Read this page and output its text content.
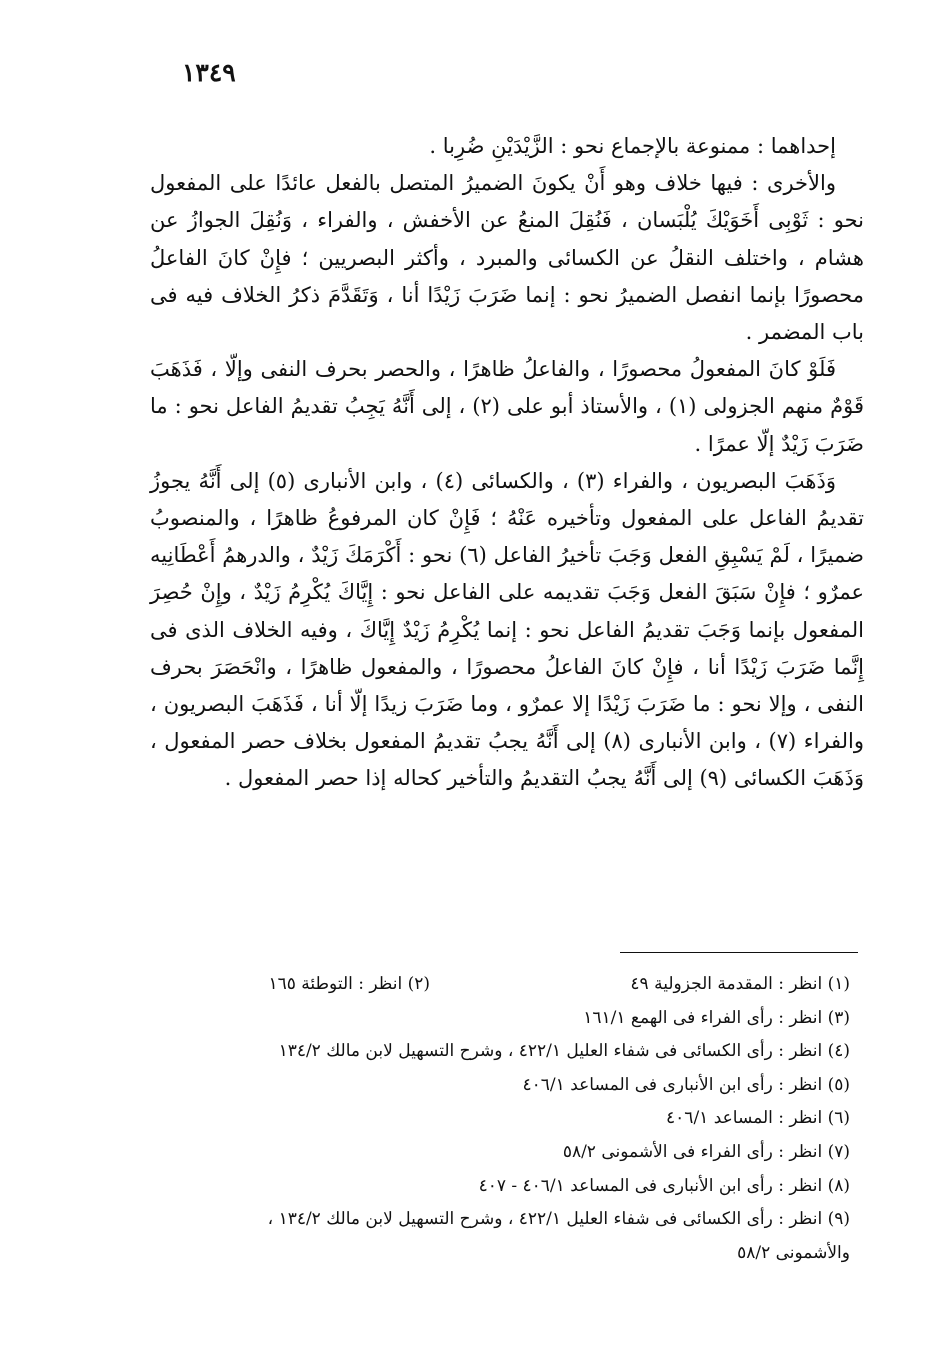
١٣٤٩

إحداهما : ممنوعة بالإجماع نحو : الزَّيْدَيْنِ ضُرِبا .

والأخرى : فيها خلاف وهو أَنْ يكونَ الضميرُ المتصل بالفعل عائدًا على المفعول نحو : ثَوْبِى أَخَوَيْكَ يُلْبَسان ، فَنُقِلَ المنعُ عن الأخفش ، والفراء ، وَنُقِلَ الجوازُ عن هشام ، واختلف النقلُ عن الكسائى والمبرد ، وأكثر البصريين ؛ فإِنْ كانَ الفاعلُ محصورًا بإنما انفصل الضميرُ نحو : إنما ضَرَبَ زَيْدًا أنا ، وَتَقَدَّمَ ذكرُ الخلاف فيه فى باب المضمر .

فَلَوْ كانَ المفعولُ محصورًا ، والفاعلُ ظاهرًا ، والحصر بحرف النفى وإلّا ، فَذَهَبَ قَوْمٌ منهم الجزولى (١) ، والأستاذ أبو على (٢) ، إلى أَنَّهُ يَجِبُ تقديمُ الفاعل نحو : ما ضَرَبَ زَيْدٌ إلّا عمرًا .

وَذَهَبَ البصريون ، والفراء (٣) ، والكسائى (٤) ، وابن الأنبارى (٥) إلى أَنَّهُ يجوزُ تقديمُ الفاعل على المفعول وتأخيره عَنْهُ ؛ فَإِنْ كان المرفوعُ ظاهرًا ، والمنصوبُ ضميرًا ، لَمْ يَسْبِقِ الفعل وَجَبَ تأخيرُ الفاعل (٦) نحو : أَكْرَمَكَ زَيْدٌ ، والدرهمُ أَعْطَانِيه عمرٌو ؛ فإِنْ سَبَقَ الفعل وَجَبَ تقديمه على الفاعل نحو : إِيَّاكَ يُكْرِمُ زَيْدٌ ، وإِنْ حُصِرَ المفعول بإنما وَجَبَ تقديمُ الفاعل نحو : إنما يُكْرِمُ زَيْدٌ إِيَّاكَ ، وفيه الخلاف الذى فى إِنَّما ضَرَبَ زَيْدًا أنا ، فإِنْ كانَ الفاعلُ محصورًا ، والمفعول ظاهرًا ، وانْحَصَرَ بحرف النفى ، وإلا نحو : ما ضَرَبَ زَيْدًا إلا عمرٌو ، وما ضَرَبَ زيدًا إلّا أنا ، فَذَهَبَ البصريون ، والفراء (٧) ، وابن الأنبارى (٨) إلى أَنَّهُ يجبُ تقديمُ المفعول بخلاف حصر المفعول ، وَذَهَبَ الكسائى (٩) إلى أَنَّهُ يجبُ التقديمُ والتأخير كحاله إذا حصر المفعول .

(١) انظر : المقدمة الجزولية ٤٩
(٢) انظر : التوطئة ١٦٥
(٣) انظر : رأى الفراء فى الهمع ١٦١/١
(٤) انظر : رأى الكسائى فى شفاء العليل ٤٢٢/١ ، وشرح التسهيل لابن مالك ١٣٤/٢
(٥) انظر : رأى ابن الأنبارى فى المساعد ٤٠٦/١
(٦) انظر : المساعد ٤٠٦/١
(٧) انظر : رأى الفراء فى الأشمونى ٥٨/٢
(٨) انظر : رأى ابن الأنبارى فى المساعد ٤٠٦/١ - ٤٠٧
(٩) انظر : رأى الكسائى فى شفاء العليل ٤٢٢/١ ، وشرح التسهيل لابن مالك ١٣٤/٢ ،
والأشمونى ٥٨/٢
